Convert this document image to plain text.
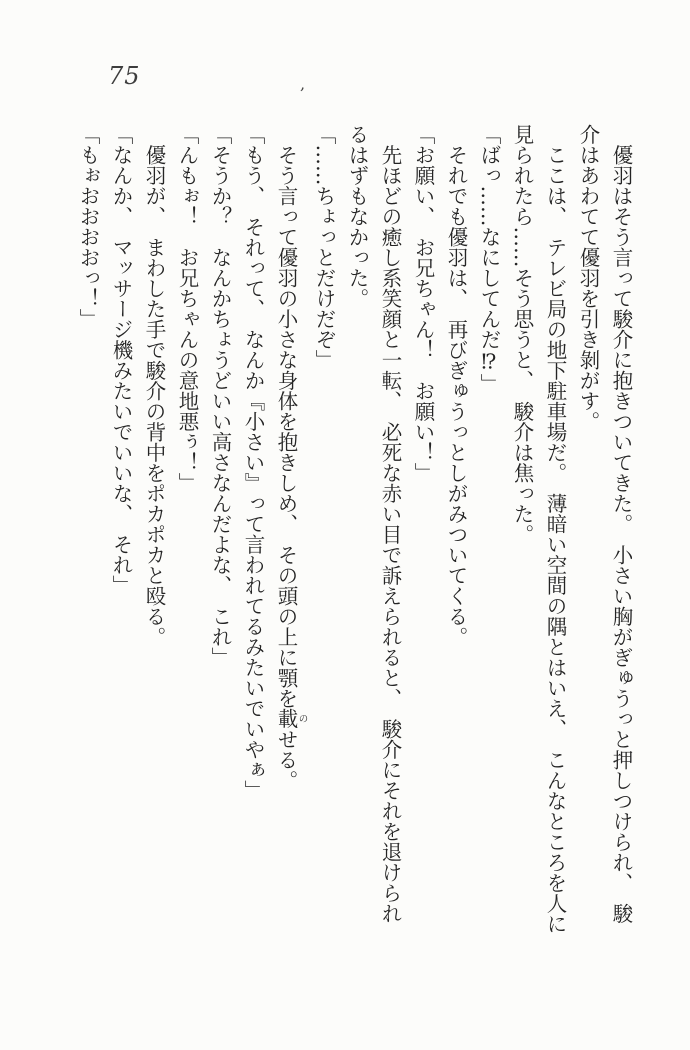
75
’

　優羽はそう言って駿介に抱きついてきた。　小さい胸がぎゅうっと押しつけられ、　駿

介はあわてて優羽を引き剝がす。

　ここは、　テレビ局の地下駐車場だ。　薄暗い空間の隅とはいえ、　こんなところを人に

見られたら……そう思うと、　駿介は焦った。

「ばっ……なにしてんだ⁉」

　それでも優羽は、　再びぎゅうっとしがみついてくる。

「お願い、　お兄ちゃん！　お願い！」

　先ほどの癒し系笑顔と一転、　必死な赤い目で訴えられると、　駿介にそれを退けられ

るはずもなかった。

「……ちょっとだけだぞ」

　そう言って優羽の小さな身体を抱きしめ、　その頭の上に顎を載のせる。

「もう、　それって、　なんか『小さい』って言われてるみたいでいやぁ」

「そうか？　なんかちょうどいい高さなんだよな、　これ」

「んもぉ！　お兄ちゃんの意地悪ぅ！」

　優羽が、　まわした手で駿介の背中をポカポカと殴る。

「なんか、　マッサージ機みたいでいいな、　それ」

「もぉおおおおっ！」
